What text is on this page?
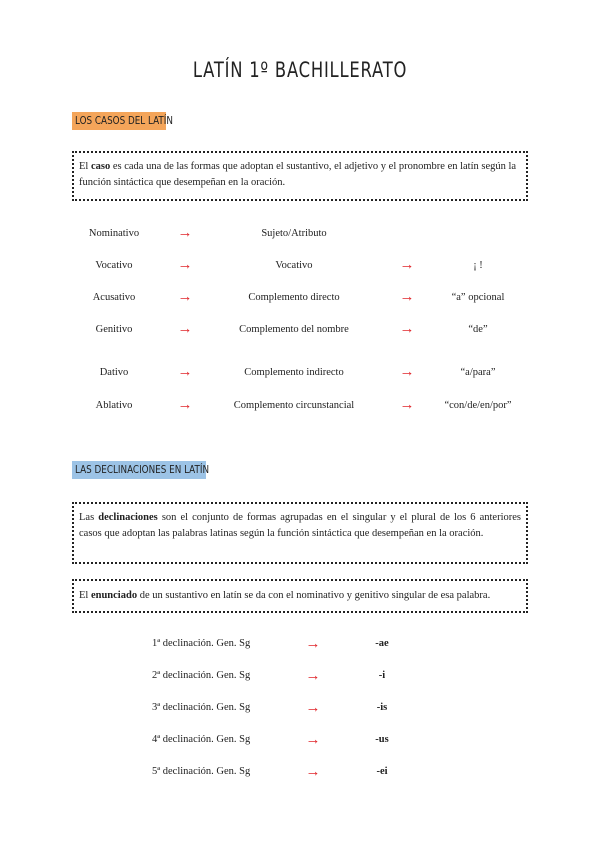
LATÍN 1º BACHILLERATO
LOS CASOS DEL LATÍN
El caso es cada una de las formas que adoptan el sustantivo, el adjetivo y el pronombre en latín según la función sintáctica que desempeñan en la oración.
Nominativo	→	Sujeto/Atributo
Vocativo	→	Vocativo	→	¡ !
Acusativo	→	Complemento directo	→	“a” opcional
Genitivo	→	Complemento del nombre	→	“de”
Dativo	→	Complemento indirecto	→	“a/para”
Ablativo	→	Complemento circunstancial	→	“con/de/en/por”
LAS DECLINACIONES EN LATÍN
Las declinaciones son el conjunto de formas agrupadas en el singular y el plural de los 6 anteriores casos que adoptan las palabras latinas según la función sintáctica que desempeñan en la oración.
El enunciado de un sustantivo en latín se da con el nominativo y genitivo singular de esa palabra.
1ª declinación. Gen. Sg	→	-ae
2ª declinación. Gen. Sg	→	-i
3ª declinación. Gen. Sg	→	-is
4ª declinación. Gen. Sg	→	-us
5ª declinación. Gen. Sg	→	-ei
